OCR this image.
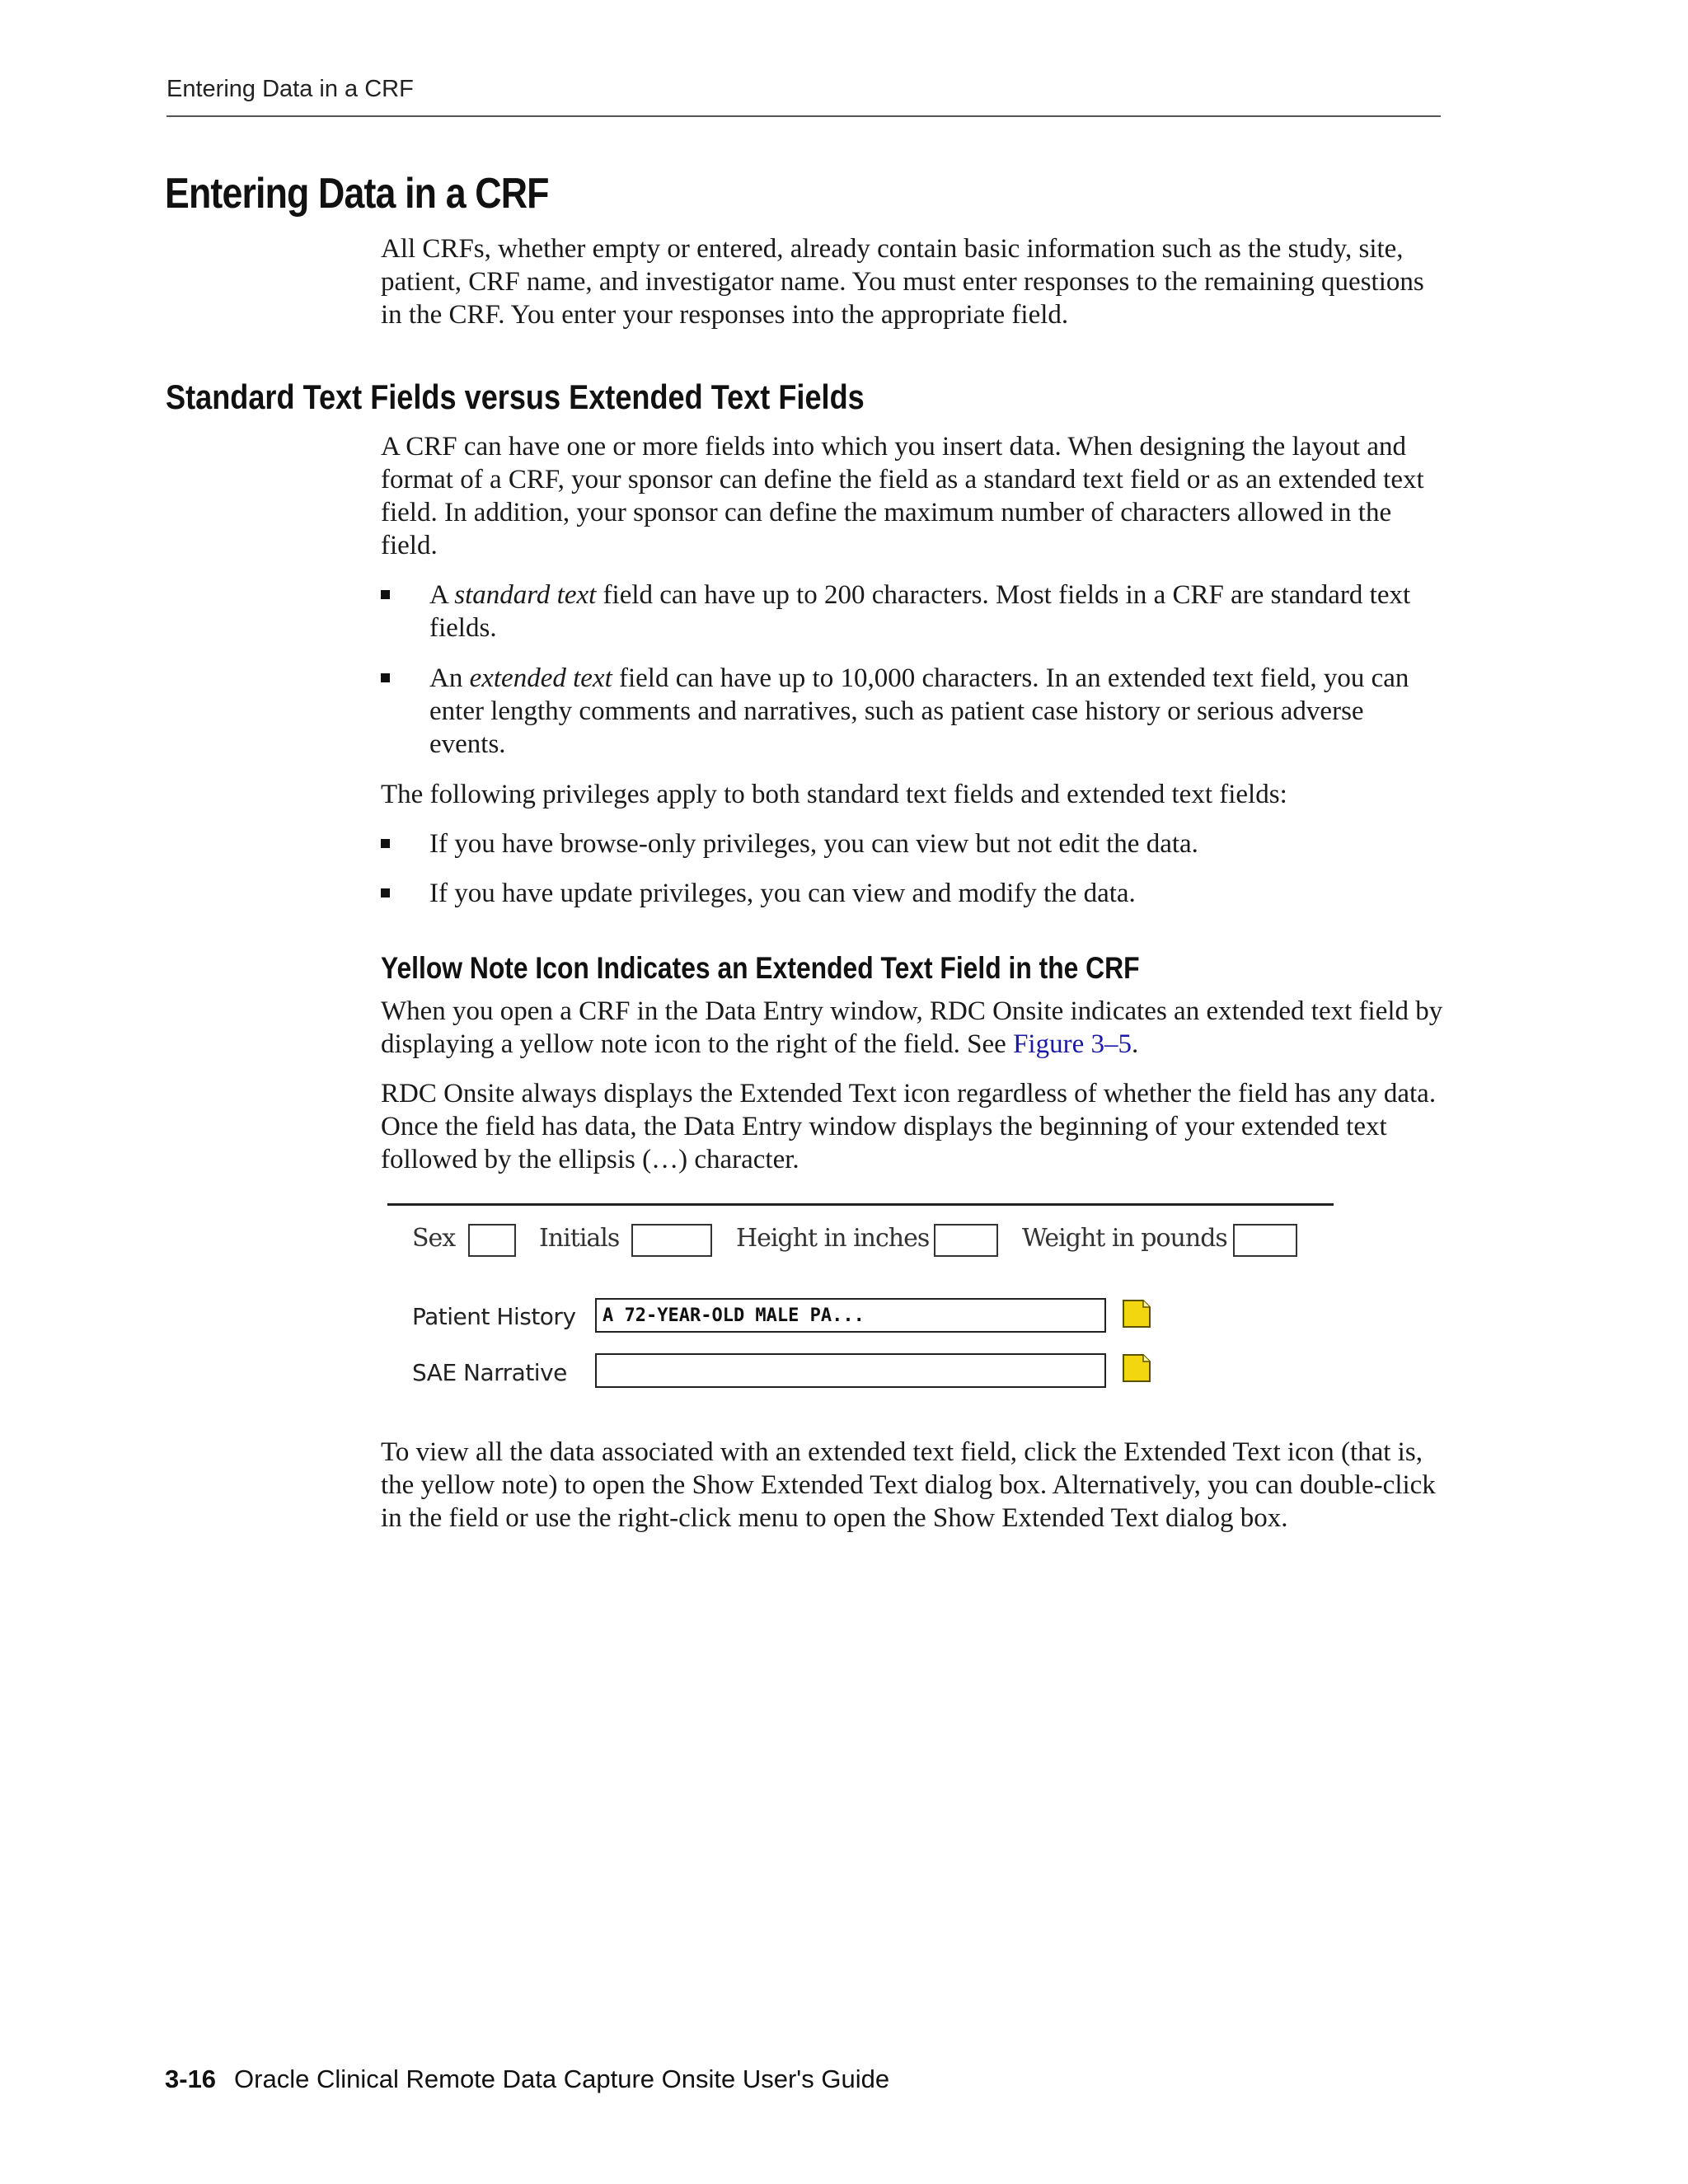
Entering Data in a CRF
Entering Data in a CRF

All CRFs, whether empty or entered, already contain basic information such as the study, site, patient, CRF name, and investigator name. You must enter responses to the remaining questions in the CRF. You enter your responses into the appropriate field.

Standard Text Fields versus Extended Text Fields

A CRF can have one or more fields into which you insert data. When designing the layout and format of a CRF, your sponsor can define the field as a standard text field or as an extended text field. In addition, your sponsor can define the maximum number of characters allowed in the field.

A standard text field can have up to 200 characters. Most fields in a CRF are standard text fields.
An extended text field can have up to 10,000 characters. In an extended text field, you can enter lengthy comments and narratives, such as patient case history or serious adverse events.

The following privileges apply to both standard text fields and extended text fields:

If you have browse-only privileges, you can view but not edit the data.
If you have update privileges, you can view and modify the data.
Yellow Note Icon Indicates an Extended Text Field in the CRF

When you open a CRF in the Data Entry window, RDC Onsite indicates an extended text field by displaying a yellow note icon to the right of the field. See Figure 3–5.

RDC Onsite always displays the Extended Text icon regardless of whether the field has any data. Once the field has data, the Data Entry window displays the beginning of your extended text followed by the ellipsis (…) character.

Sex	Initials	Height in inches	Weight in pounds
Patient History	A 72-YEAR-OLD MALE PA...
SAE Narrative

To view all the data associated with an extended text field, click the Extended Text icon (that is, the yellow note) to open the Show Extended Text dialog box. Alternatively, you can double-click in the field or use the right-click menu to open the Show Extended Text dialog box.

3-16 Oracle Clinical Remote Data Capture Onsite User's Guide
